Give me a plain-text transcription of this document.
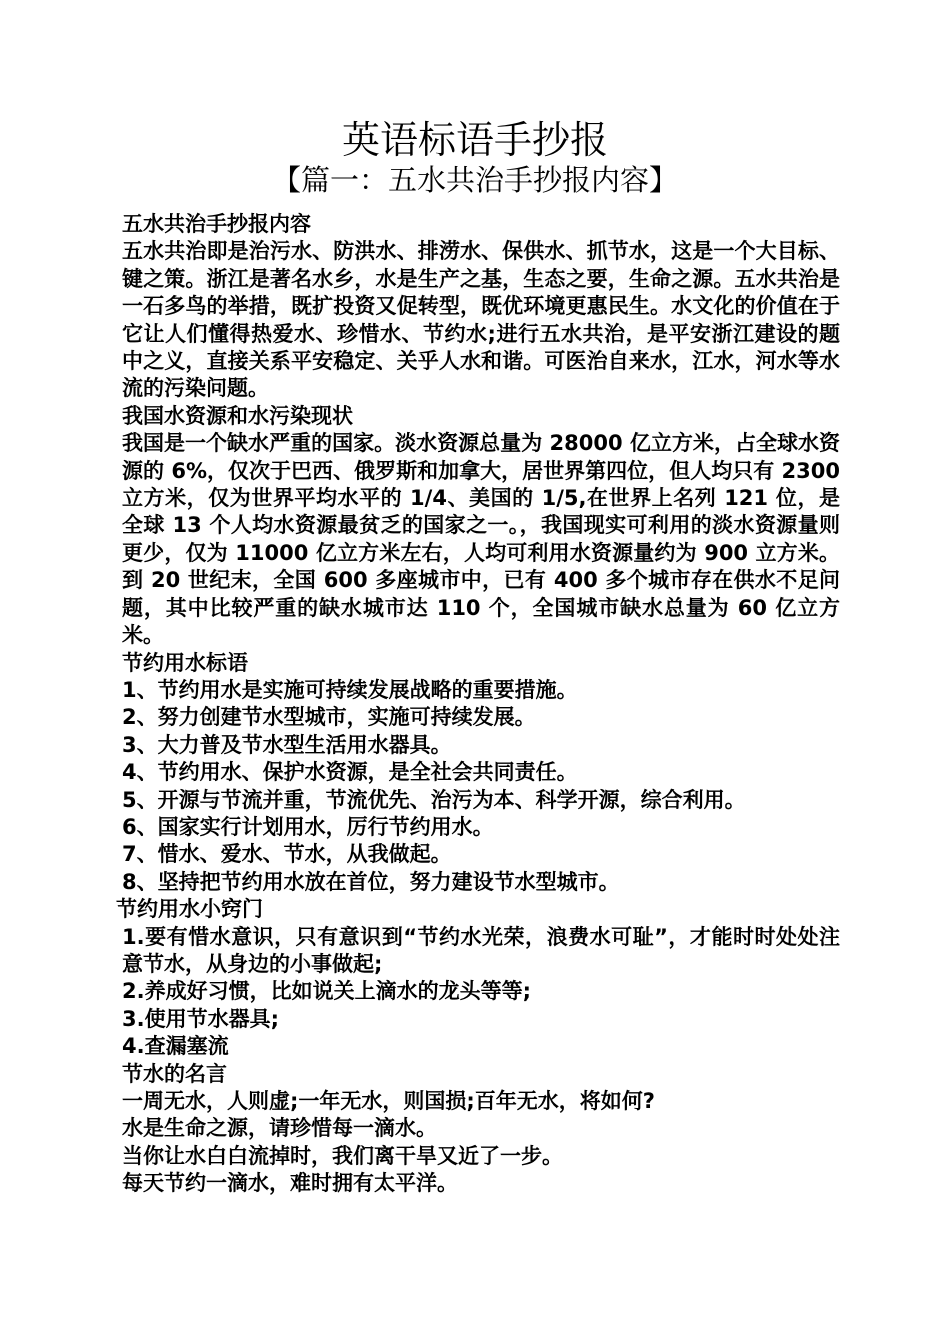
英语标语手抄报
【篇一：五水共治手抄报内容】

五水共治手抄报内容

五水共治即是治污水、防洪水、排涝水、保供水、抓节水，这是一个大目标、键之策。浙江是著名水乡，水是生产之基，生态之要，生命之源。五水共治是一石多鸟的举措，既扩投资又促转型，既优环境更惠民生。水文化的价值在于它让人们懂得热爱水、珍惜水、节约水;进行五水共治，是平安浙江建设的题中之义，直接关系平安稳定、关乎人水和谐。可医治自来水，江水，河水等水流的污染问题。

我国水资源和水污染现状

我国是一个缺水严重的国家。淡水资源总量为 28000 亿立方米，占全球水资源的 6%，仅次于巴西、俄罗斯和加拿大，居世界第四位，但人均只有 2300 立方米，仅为世界平均水平的 1/4、美国的 1/5,在世界上名列 121 位，是全球 13 个人均水资源最贫乏的国家之一。，我国现实可利用的淡水资源量则更少，仅为 11000 亿立方米左右，人均可利用水资源量约为 900 立方米。到 20 世纪末，全国 600 多座城市中，已有 400 多个城市存在供水不足问题，其中比较严重的缺水城市达 110 个，全国城市缺水总量为 60 亿立方米。

节约用水标语

1、节约用水是实施可持续发展战略的重要措施。

2、努力创建节水型城市，实施可持续发展。

3、大力普及节水型生活用水器具。

4、节约用水、保护水资源，是全社会共同责任。

5、开源与节流并重，节流优先、治污为本、科学开源，综合利用。

6、国家实行计划用水，厉行节约用水。

7、惜水、爱水、节水，从我做起。

8、坚持把节约用水放在首位，努力建设节水型城市。

节约用水小窍门

1.要有惜水意识，只有意识到“节约水光荣，浪费水可耻”，才能时时处处注意节水，从身边的小事做起;

2.养成好习惯，比如说关上滴水的龙头等等;

3.使用节水器具;

4.查漏塞流

节水的名言

一周无水，人则虚;一年无水，则国损;百年无水，将如何?

水是生命之源，请珍惜每一滴水。

当你让水白白流掉时，我们离干旱又近了一步。

每天节约一滴水，难时拥有太平洋。
